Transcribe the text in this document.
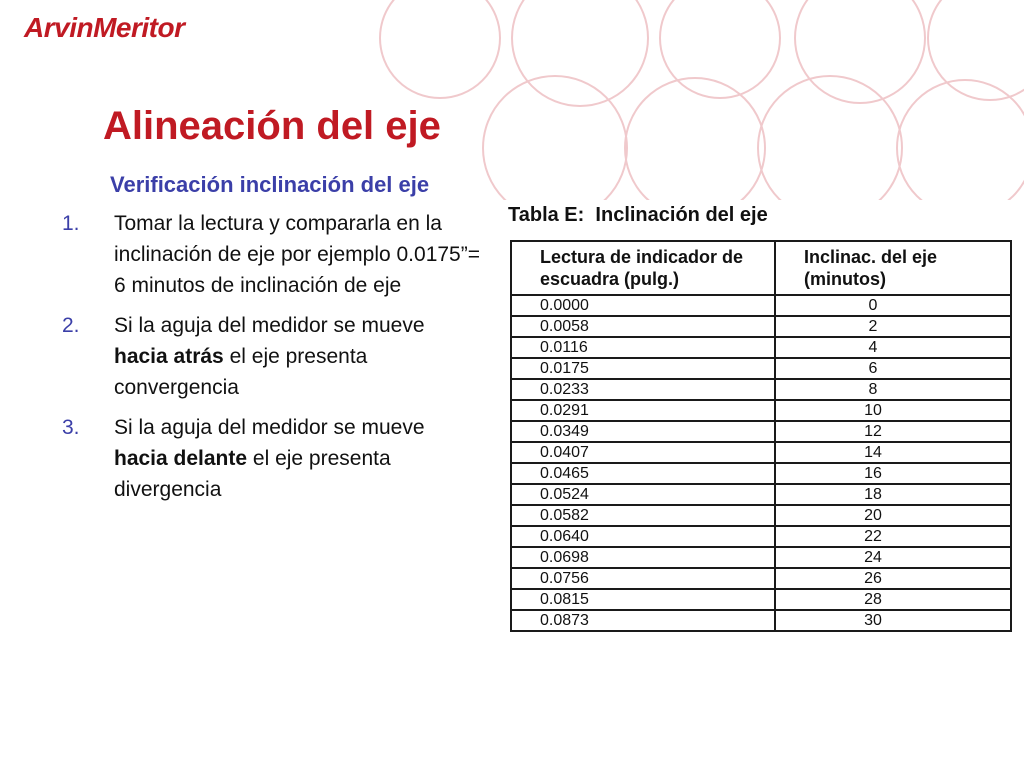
ArvinMeritor
Alineación del eje
Verificación inclinación del eje
1. Tomar la lectura y compararla en la inclinación de eje por ejemplo 0.0175”= 6 minutos de inclinación de eje
2. Si la aguja del medidor se mueve hacia atrás el eje presenta convergencia
3. Si la aguja del medidor se mueve hacia delante el eje presenta divergencia
Tabla E:  Inclinación del eje
Lectura de indicador de escuadra (pulg.)	Inclinac. del eje (minutos)
0.0000	0
0.0058	2
0.0116	4
0.0175	6
0.0233	8
0.0291	10
0.0349	12
0.0407	14
0.0465	16
0.0524	18
0.0582	20
0.0640	22
0.0698	24
0.0756	26
0.0815	28
0.0873	30
